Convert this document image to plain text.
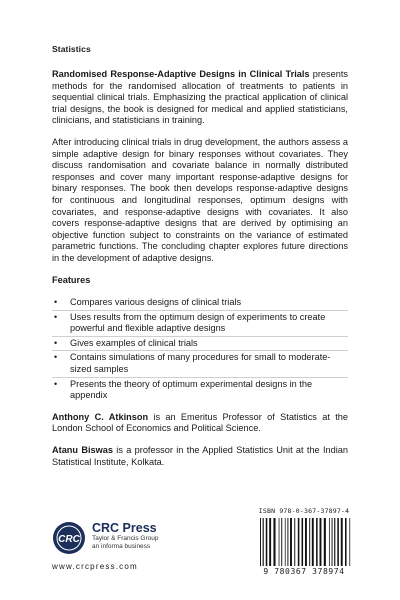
Statistics

Randomised Response-Adaptive Designs in Clinical Trials presents methods for the randomised allocation of treatments to patients in sequential clinical trials. Emphasizing the practical application of clinical trial designs, the book is designed for medical and applied statisticians, clinicians, and statisticians in training.

After introducing clinical trials in drug development, the authors assess a simple adaptive design for binary responses without covariates. They discuss randomisation and covariate balance in normally distributed responses and cover many important response-adaptive designs for binary responses. The book then develops response-adaptive designs for continuous and longitudinal responses, optimum designs with covariates, and response-adaptive designs with covariates. It also covers response-adaptive designs that are derived by optimising an objective function subject to constraints on the variance of estimated parametric functions. The concluding chapter explores future directions in the development of adaptive designs.

Features

• Compares various designs of clinical trials
• Uses results from the optimum design of experiments to create powerful and flexible adaptive designs
• Gives examples of clinical trials
• Contains simulations of many procedures for small to moderate-sized samples
• Presents the theory of optimum experimental designs in the appendix

Anthony C. Atkinson is an Emeritus Professor of Statistics at the London School of Economics and Political Science.

Atanu Biswas is a professor in the Applied Statistics Unit at the Indian Statistical Institute, Kolkata.

CRC
CRC Press
Taylor & Francis Group
an informa business
www.crcpress.com
ISBN 978-0-367-37897-4
9 780367 378974
